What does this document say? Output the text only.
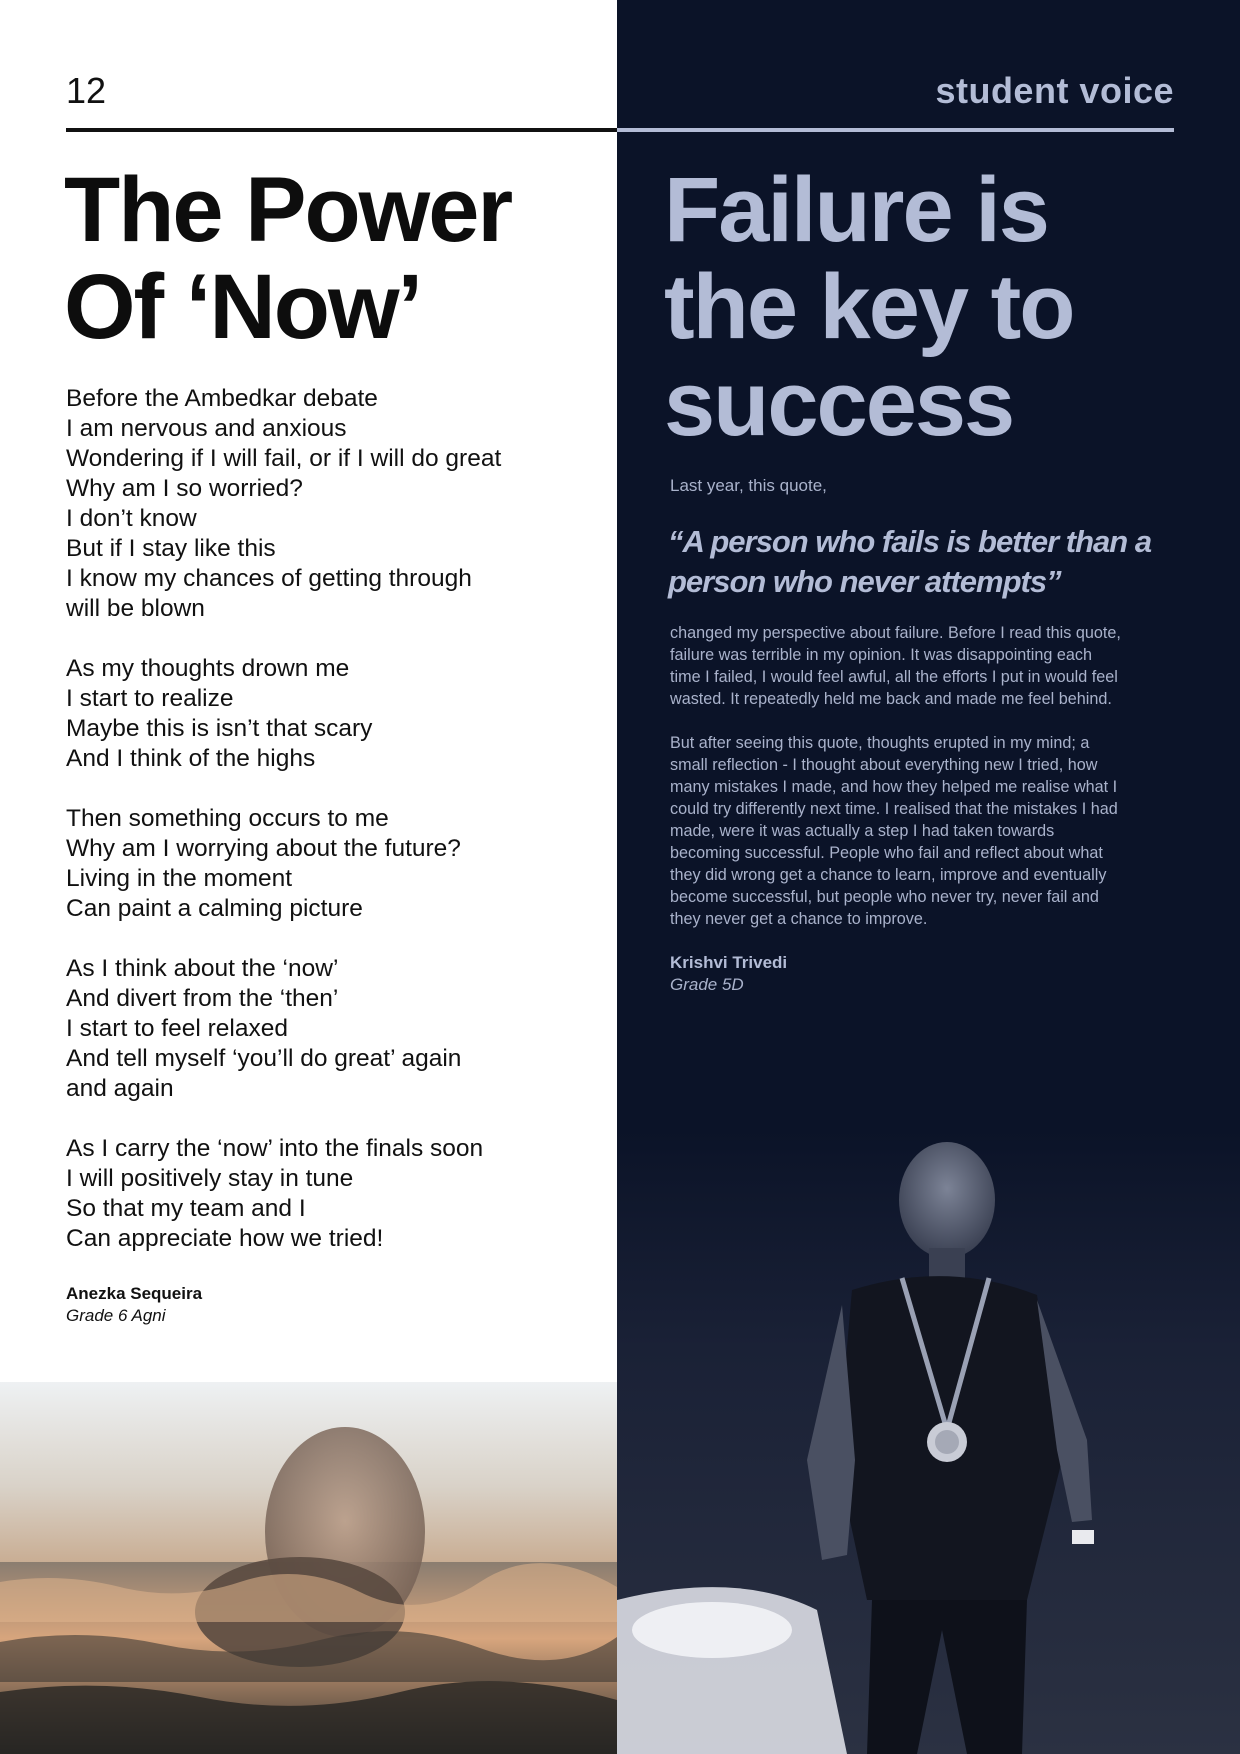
12	student voice
The Power
Of ‘Now’

Before the Ambedkar debate
I am nervous and anxious
Wondering if I will fail, or if I will do great
Why am I so worried?
I don’t know
But if I stay like this
I know my chances of getting through
will be blown

As my thoughts drown me
I start to realize
Maybe this is isn’t that scary
And I think of the highs

Then something occurs to me
Why am I worrying about the future?
Living in the moment
Can paint a calming picture

As I think about the ‘now’
And divert from the ‘then’
I start to feel relaxed
And tell myself ‘you’ll do great’ again
and again

As I carry the ‘now’ into the finals soon
I will positively stay in tune
So that my team and I
Can appreciate how we tried!

Anezka Sequeira
Grade 6 Agni
Failure is
the key to
success
Last year, this quote,
“A person who fails is better than a
person who never attempts”

changed my perspective about failure. Before I read this quote,
failure was terrible in my opinion. It was disappointing each
time I failed, I would feel awful, all the efforts I put in would feel
wasted. It repeatedly held me back and made me feel behind.

But after seeing this quote, thoughts erupted in my mind; a
small reflection - I thought about everything new I tried, how
many mistakes I made, and how they helped me realise what I
could try differently next time. I realised that the mistakes I had
made, were it was actually a step I had taken towards
becoming successful. People who fail and reflect about what
they did wrong get a chance to learn, improve and eventually
become successful, but people who never try, never fail and
they never get a chance to improve.

Krishvi Trivedi
Grade 5D
